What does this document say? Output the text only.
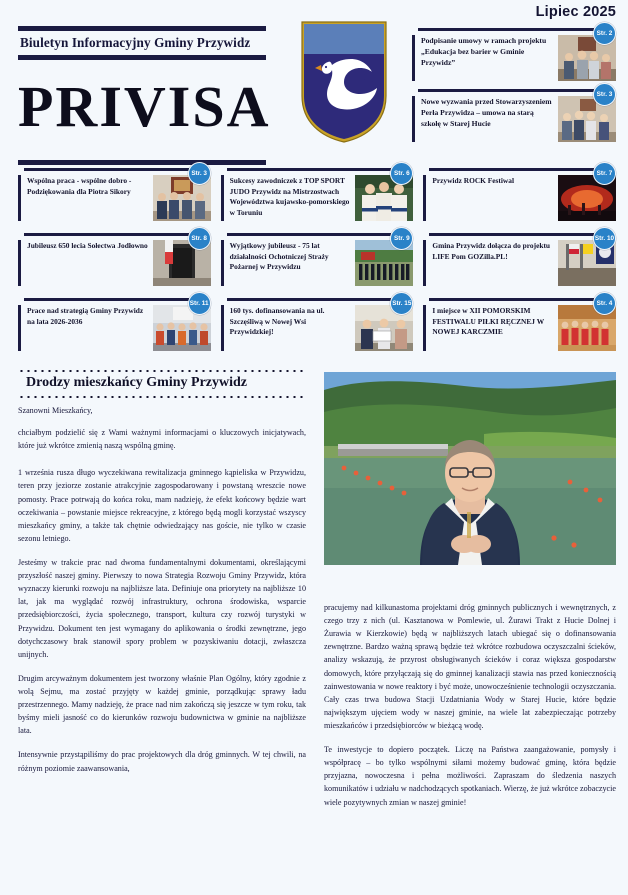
Lipiec 2025
Biuletyn Informacyjny Gminy Przywidz
PRIVISA
Str. 2
Podpisanie umowy w ramach projektu „Edukacja bez barier w Gminie Przywidz”
Str. 3
Nowe wyzwania przed Stowarzyszeniem Perła Przywidza – umowa na starą szkołę w Starej Hucie
Str. 3
Wspólna praca - wspólne dobro - Podziękowania dla Piotra Sikory
Str. 6
Sukcesy zawodniczek z TOP SPORT JUDO Przywidz na Mistrzostwach Województwa kujawsko-pomorskiego w Toruniu
Str. 7
Przywidz ROCK Festiwal
Str. 8
Jubileusz 650 lecia Sołectwa Jodłowno
Str. 9
Wyjątkowy jubileusz - 75 lat działalności Ochotniczej Straży Pożarnej w Przywidzu
Str. 10
Gmina Przywidz dołącza do projektu LIFE Pom GOZilla.PL!
Str. 11
Prace nad strategią Gminy Przywidz na lata 2026-2036
Str. 15
160 tys. dofinansowania na ul. Szczęśliwą w Nowej Wsi Przywidzkiej!
Str. 4
I miejsce w XII POMORSKIM FESTIWALU PIŁKI RĘCZNEJ W NOWEJ KARCZMIE
Drodzy mieszkańcy Gminy Przywidz

Szanowni Mieszkańcy,

chciałbym podzielić się z Wami ważnymi informacjami o kluczowych inicjatywach, które już wkrótce zmienią naszą wspólną gminę.

1 września rusza długo wyczekiwana rewitalizacja gminnego kąpieliska w Przywidzu, teren przy jeziorze zostanie atrakcyjnie zagospodarowany i powstaną wreszcie nowe pomosty. Prace potrwają do końca roku, mam nadzieję, że efekt końcowy będzie wart oczekiwania – powstanie miejsce rekreacyjne, z którego będą mogli korzystać wszyscy mieszkańcy gminy, a także tak chętnie odwiedzający nas goście, nie tylko w czasie sezonu letniego.

Jesteśmy w trakcie prac nad dwoma fundamentalnymi dokumentami, określającymi przyszłość naszej gminy. Pierwszy to nowa Strategia Rozwoju Gminy Przywidz, która wyznaczy kierunki rozwoju na najbliższe lata. Definiuje ona priorytety na najbliższe 10 lat, jak ma wyglądać rozwój infrastruktury, ochrona środowiska, wsparcie przedsiębiorczości, życia społecznego, transport, kultura czy rozwój turystyki w Przywidzu. Dokument ten jest wymagany do aplikowania o środki zewnętrzne, jego dotychczasowy brak stanowił spory problem w pozyskiwaniu dotacji, zwłaszcza unijnych.

Drugim arcyważnym dokumentem jest tworzony właśnie Plan Ogólny, który zgodnie z wolą Sejmu, ma zostać przyjęty w każdej gminie, porządkując sprawy ładu przestrzennego. Mamy nadzieję, że prace nad nim zakończą się jeszcze w tym roku, tak byśmy mieli jasność co do kierunków rozwoju budownictwa w gminie na najbliższe lata.

Intensywnie przystąpiliśmy do prac projektowych dla dróg gminnych. W tej chwili, na różnym poziomie zaawansowania,

pracujemy nad kilkunastoma projektami dróg gminnych publicznych i wewnętrznych, z czego trzy z nich (ul. Kasztanowa w Pomlewie, ul. Żurawi Trakt z Hucie Dolnej i Żurawia w Kierzkowie) będą w najbliższych latach ubiegać się o dofinansowania zewnętrzne. Bardzo ważną sprawą będzie też wkrótce rozbudowa oczyszczalni ścieków, analizy wskazują, że przyrost obsługiwanych ścieków i coraz większa gospodarstw domowych, które przyłączają się do gminnej kanalizacji stawia nas przed koniecznością zainwestowania w nowe reaktory i być może, unowocześnienie technologii oczyszczania. Cały czas trwa budowa Stacji Uzdatniania Wody w Starej Hucie, które będzie największym ujęciem wody w naszej gminie, na wiele lat zabezpieczając potrzeby mieszkańców i przedsiębiorców w bieżącą wodę.

Te inwestycje to dopiero początek. Liczę na Państwa zaangażowanie, pomysły i współpracę – bo tylko wspólnymi siłami możemy budować gminę, która będzie przyjazna, nowoczesna i pełna możliwości. Zapraszam do śledzenia naszych komunikatów i udziału w nadchodzących spotkaniach. Wierzę, że już wkrótce zobaczycie wiele pozytywnych zmian w naszej gminie!
